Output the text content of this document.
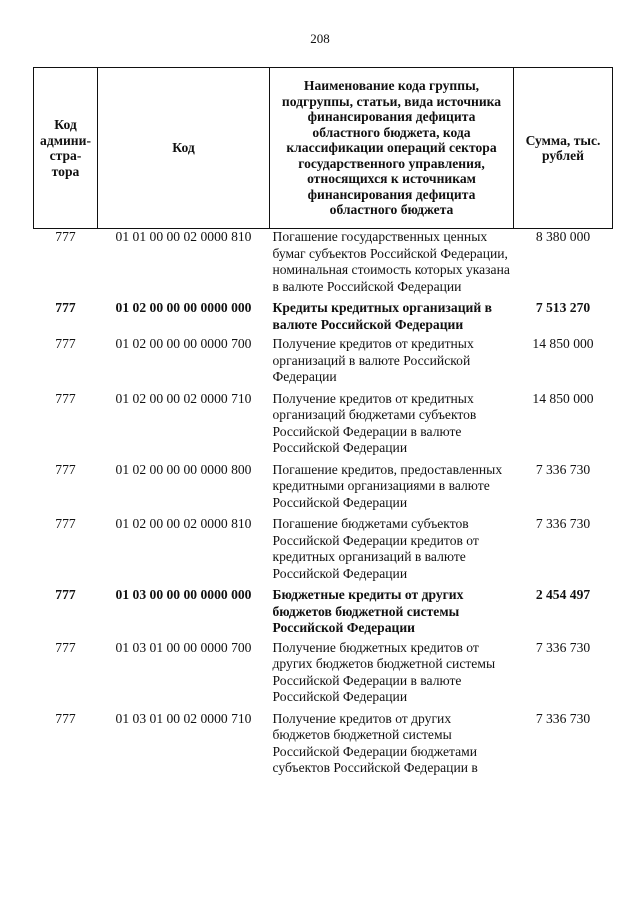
208
Код админи-стра-тора	Код	Наименование кода группы, подгруппы, статьи, вида источника финансирования дефицита областного бюджета, кода классификации операций сектора государственного управления, относящихся к источникам финансирования дефицита областного бюджета	Сумма, тыс. рублей
777	01 01 00 00 02 0000 810	Погашение государственных ценных бумаг субъектов Российской Федерации, номинальная стоимость которых указана в валюте Российской Федерации	8 380 000
777	01 02 00 00 00 0000 000	Кредиты кредитных организаций в валюте Российской Федерации	7 513 270
777	01 02 00 00 00 0000 700	Получение кредитов от кредитных организаций в валюте Российской Федерации	14 850 000
777	01 02 00 00 02 0000 710	Получение кредитов от кредитных организаций бюджетами субъектов Российской Федерации в валюте Российской Федерации	14 850 000
777	01 02 00 00 00 0000 800	Погашение кредитов, предоставленных кредитными организациями в валюте Российской Федерации	7 336 730
777	01 02 00 00 02 0000 810	Погашение бюджетами субъектов Российской Федерации кредитов от кредитных организаций в валюте Российской Федерации	7 336 730
777	01 03 00 00 00 0000 000	Бюджетные кредиты от других бюджетов бюджетной системы Российской Федерации	2 454 497
777	01 03 01 00 00 0000 700	Получение бюджетных кредитов от других бюджетов бюджетной системы Российской Федерации в валюте Российской Федерации	7 336 730
777	01 03 01 00 02 0000 710	Получение кредитов от других бюджетов бюджетной системы Российской Федерации бюджетами субъектов Российской Федерации в	7 336 730
